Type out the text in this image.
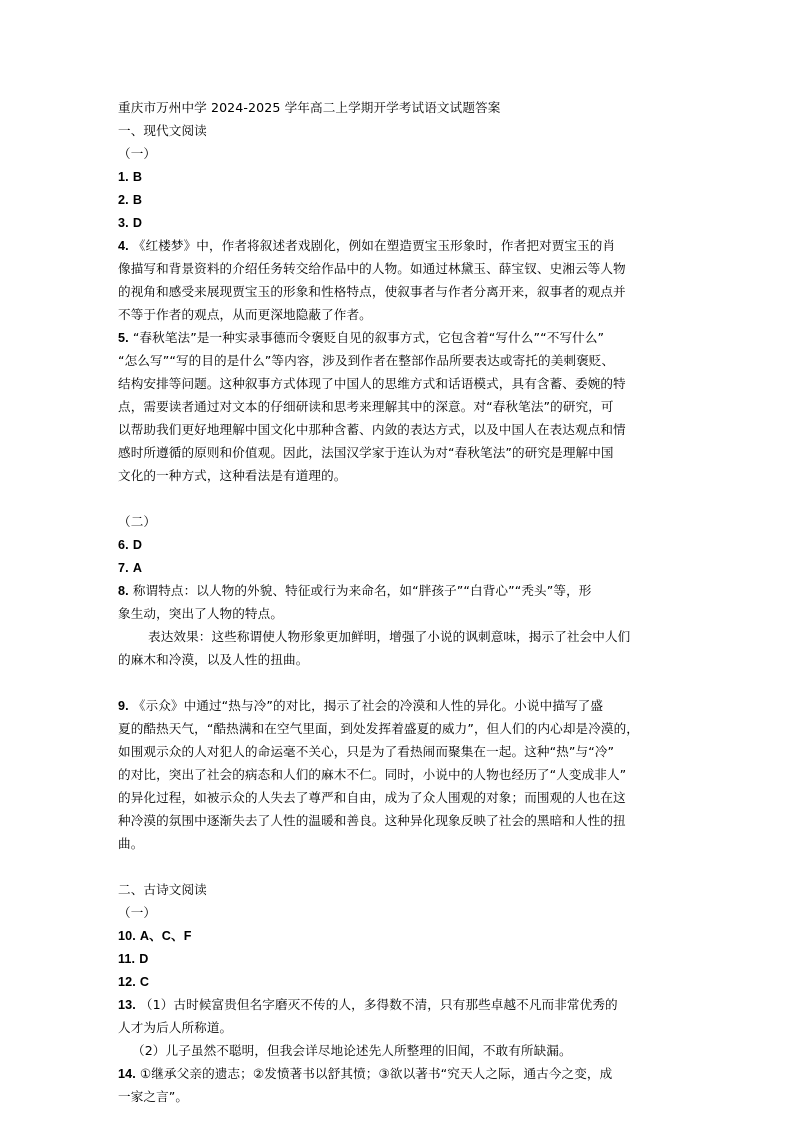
重庆市万州中学 2024-2025 学年高二上学期开学考试语文试题答案
一、现代文阅读
（一）
1. B
2. B
3. D
4. 《红楼梦》中，作者将叙述者戏剧化，例如在塑造贾宝玉形象时，作者把对贾宝玉的肖
像描写和背景资料的介绍任务转交给作品中的人物。如通过林黛玉、薛宝钗、史湘云等人物
的视角和感受来展现贾宝玉的形象和性格特点，使叙事者与作者分离开来，叙事者的观点并
不等于作者的观点，从而更深地隐蔽了作者。
5. “春秋笔法”是一种实录事德而令褒贬自见的叙事方式，它包含着“写什么”“不写什么”
“怎么写”“写的目的是什么”等内容，涉及到作者在整部作品所要表达或寄托的美刺褒贬、
结构安排等问题。这种叙事方式体现了中国人的思维方式和话语模式，具有含蓄、委婉的特
点，需要读者通过对文本的仔细研读和思考来理解其中的深意。对“春秋笔法”的研究，可
以帮助我们更好地理解中国文化中那种含蓄、内敛的表达方式，以及中国人在表达观点和情
感时所遵循的原则和价值观。因此，法国汉学家于连认为对“春秋笔法”的研究是理解中国
文化的一种方式，这种看法是有道理的。
（二）
6. D
7. A
8. 称谓特点：以人物的外貌、特征或行为来命名，如“胖孩子”“白背心”“秃头”等，形
象生动，突出了人物的特点。
表达效果：这些称谓使人物形象更加鲜明，增强了小说的讽刺意味，揭示了社会中人们
的麻木和冷漠，以及人性的扭曲。
9. 《示众》中通过“热与冷”的对比，揭示了社会的冷漠和人性的异化。小说中描写了盛
夏的酷热天气，“酷热满和在空气里面，到处发挥着盛夏的威力”，但人们的内心却是冷漠的，
如围观示众的人对犯人的命运毫不关心，只是为了看热闹而聚集在一起。这种“热”与“冷”
的对比，突出了社会的病态和人们的麻木不仁。同时，小说中的人物也经历了“人变成非人”
的异化过程，如被示众的人失去了尊严和自由，成为了众人围观的对象；而围观的人也在这
种冷漠的氛围中逐渐失去了人性的温暖和善良。这种异化现象反映了社会的黑暗和人性的扭
曲。
二、古诗文阅读
（一）
10. A、C、F
11. D
12. C
13. （1）古时候富贵但名字磨灭不传的人，多得数不清，只有那些卓越不凡而非常优秀的
人才为后人所称道。
（2）儿子虽然不聪明，但我会详尽地论述先人所整理的旧闻，不敢有所缺漏。
14. ①继承父亲的遗志；②发愤著书以舒其愤；③欲以著书“究天人之际，通古今之变，成
一家之言”。
